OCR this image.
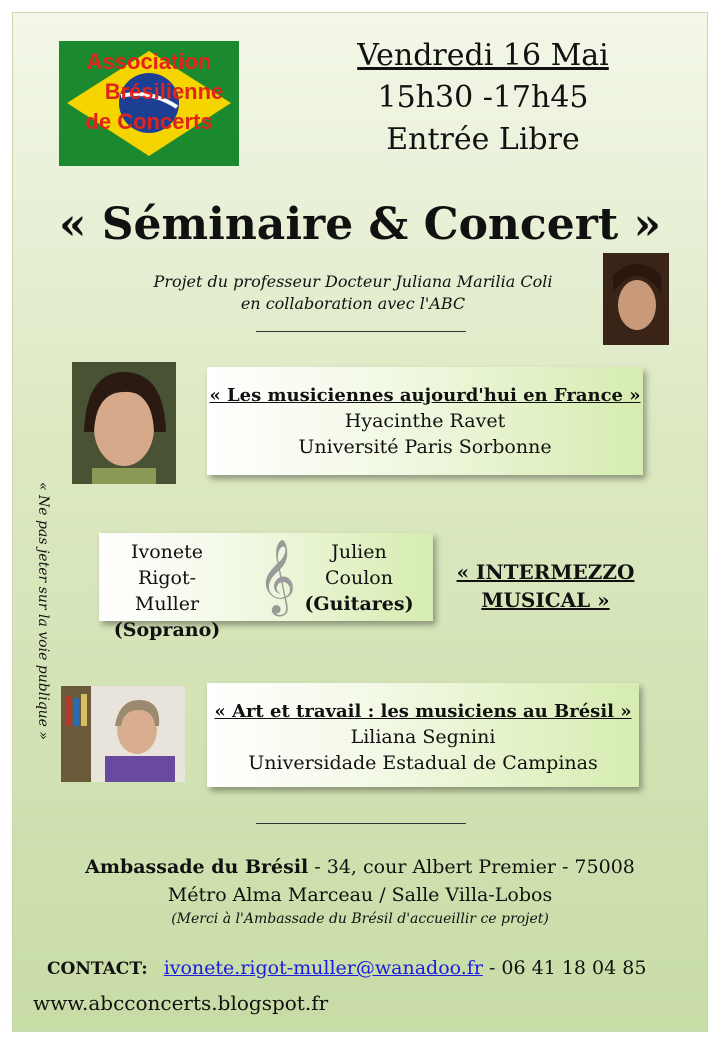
Association
Brésilienne
de Concerts
Vendredi 16 Mai
15h30 -17h45
Entrée Libre
« Séminaire & Concert »
Projet du professeur Docteur Juliana Marilia Coli
en collaboration avec l'ABC
« Les musiciennes aujourd'hui en France »
Hyacinthe Ravet
Université Paris Sorbonne
« Ne pas jeter sur la voie publique »	Ivonete
Rigot-Muller
(Soprano)
𝄞	Julien
Coulon
(Guitares)
« INTERMEZZO
MUSICAL »
« Art et travail : les musiciens au Brésil »
Liliana Segnini
Universidade Estadual de Campinas
Ambassade du Brésil - 34, cour Albert Premier - 75008
Métro Alma Marceau / Salle Villa-Lobos
(Merci à l'Ambassade du Brésil d'accueillir ce projet)
CONTACT: ivonete.rigot-muller@wanadoo.fr - 06 41 18 04 85
www.abcconcerts.blogspot.fr
